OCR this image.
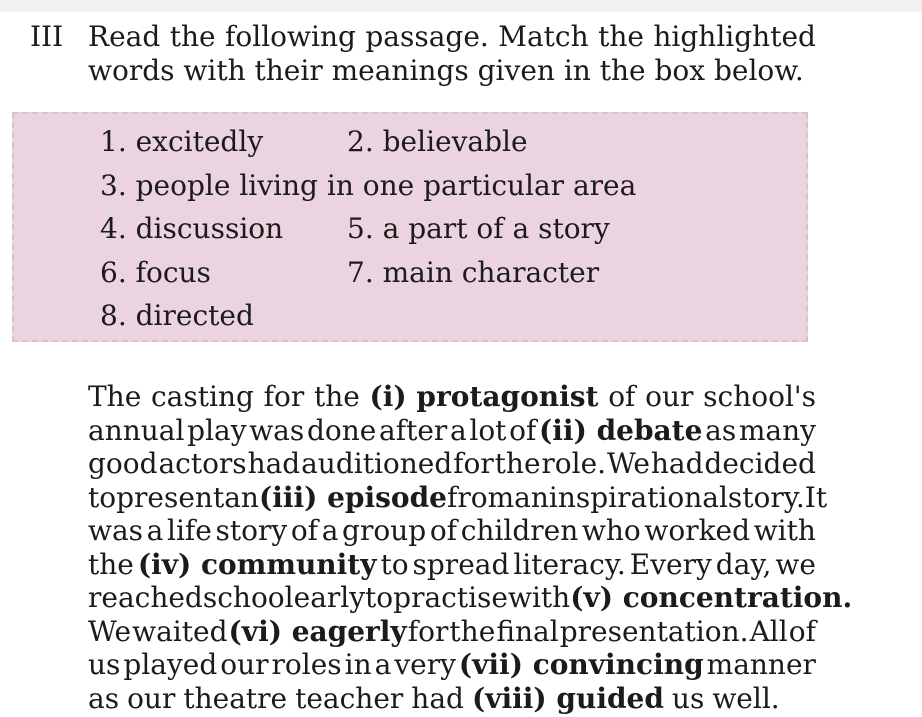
III Read the following passage. Match the highlighted
words with their meanings given in the box below.
1. excitedly	2. believable
3. people living in one particular area
4. discussion 5. a part of a story
6. focus	7. main character
8. directed
The casting for the (i) protagonist of our school's
annual play was done after a lot of (ii) debate as many
good actors had auditioned for the role. We had decided
to present an (iii) episode from an inspirational story. It
was a life story of a group of children who worked with
the (iv) community to spread literacy. Every day, we
reached school early to practise with (v) concentration.
We waited (vi) eagerly for the final presentation. All of
us played our roles in a very (vii) convincing manner
as our theatre teacher had (viii) guided us well.
